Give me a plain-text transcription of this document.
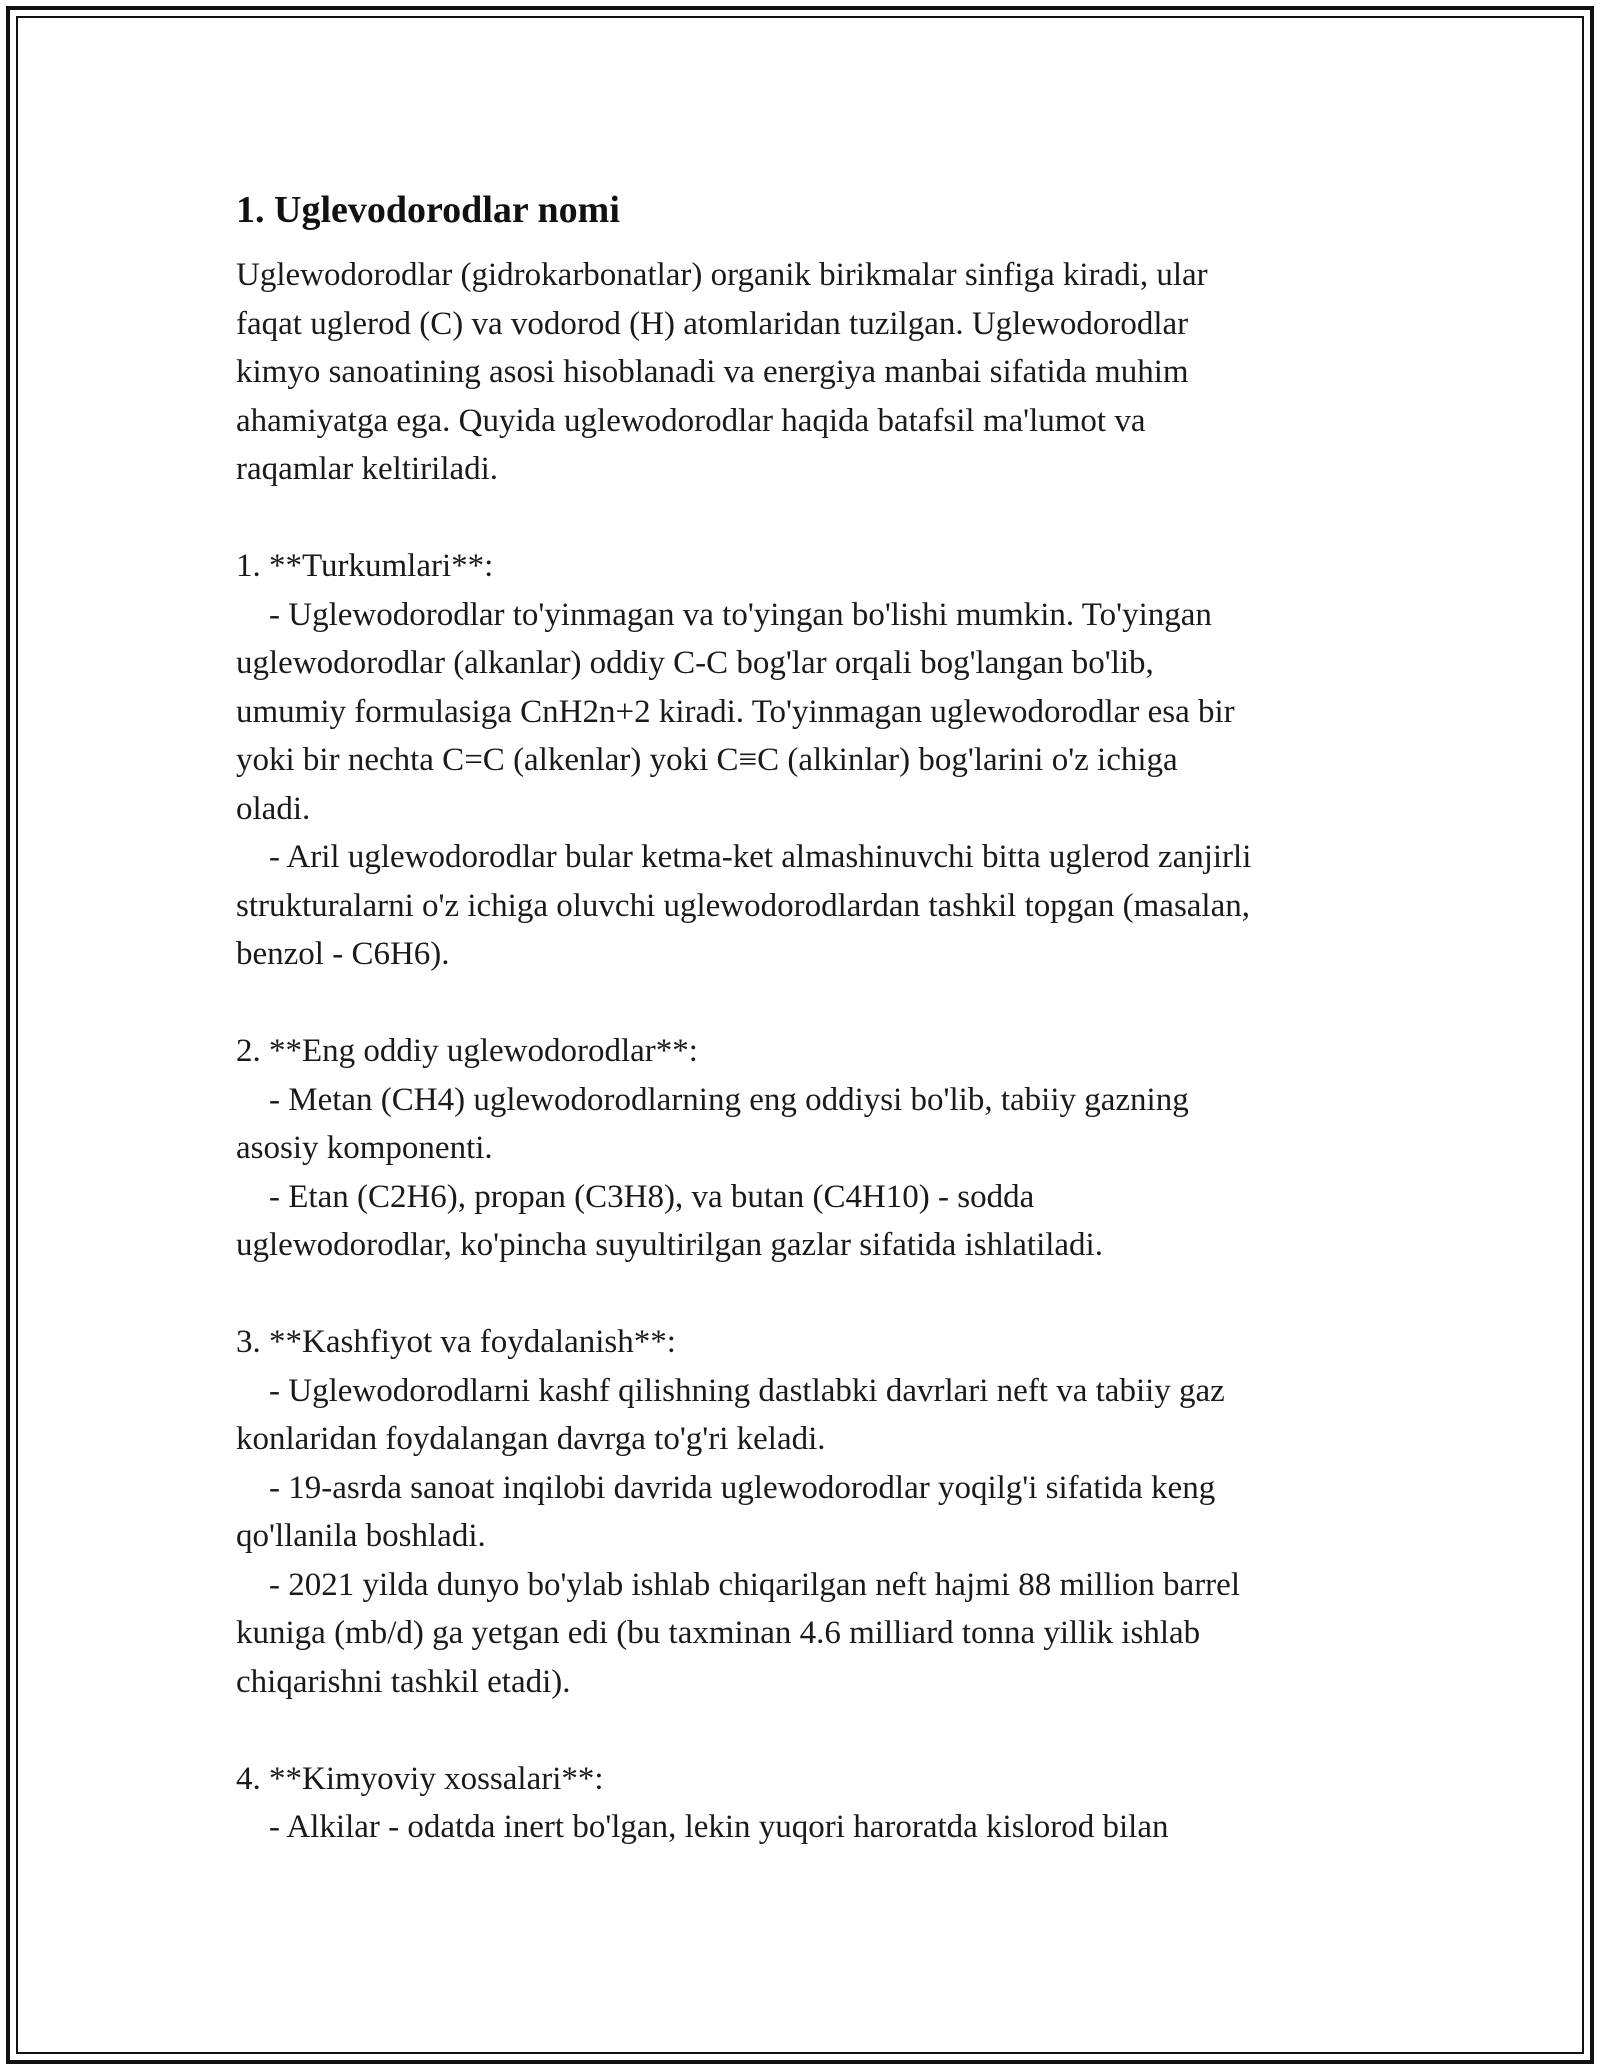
1. Uglevodorodlar nomi
Uglewodorodlar (gidrokarbonatlar) organik birikmalar sinfiga kiradi, ular
faqat uglerod (C) va vodorod (H) atomlaridan tuzilgan. Uglewodorodlar
kimyo sanoatining asosi hisoblanadi va energiya manbai sifatida muhim
ahamiyatga ega. Quyida uglewodorodlar haqida batafsil ma'lumot va
raqamlar keltiriladi.

1. **Turkumlari**:
- Uglewodorodlar to'yinmagan va to'yingan bo'lishi mumkin. To'yingan
uglewodorodlar (alkanlar) oddiy C-C bog'lar orqali bog'langan bo'lib,
umumiy formulasiga CnH2n+2 kiradi. To'yinmagan uglewodorodlar esa bir
yoki bir nechta C=C (alkenlar) yoki C≡C (alkinlar) bog'larini o'z ichiga
oladi.
- Aril uglewodorodlar bular ketma-ket almashinuvchi bitta uglerod zanjirli
strukturalarni o'z ichiga oluvchi uglewodorodlardan tashkil topgan (masalan,
benzol - C6H6).

2. **Eng oddiy uglewodorodlar**:
- Metan (CH4) uglewodorodlarning eng oddiysi bo'lib, tabiiy gazning
asosiy komponenti.
- Etan (C2H6), propan (C3H8), va butan (C4H10) - sodda
uglewodorodlar, ko'pincha suyultirilgan gazlar sifatida ishlatiladi.

3. **Kashfiyot va foydalanish**:
- Uglewodorodlarni kashf qilishning dastlabki davrlari neft va tabiiy gaz
konlaridan foydalangan davrga to'g'ri keladi.
- 19-asrda sanoat inqilobi davrida uglewodorodlar yoqilg'i sifatida keng
qo'llanila boshladi.
- 2021 yilda dunyo bo'ylab ishlab chiqarilgan neft hajmi 88 million barrel
kuniga (mb/d) ga yetgan edi (bu taxminan 4.6 milliard tonna yillik ishlab
chiqarishni tashkil etadi).

4. **Kimyoviy xossalari**:
- Alkilar - odatda inert bo'lgan, lekin yuqori haroratda kislorod bilan
